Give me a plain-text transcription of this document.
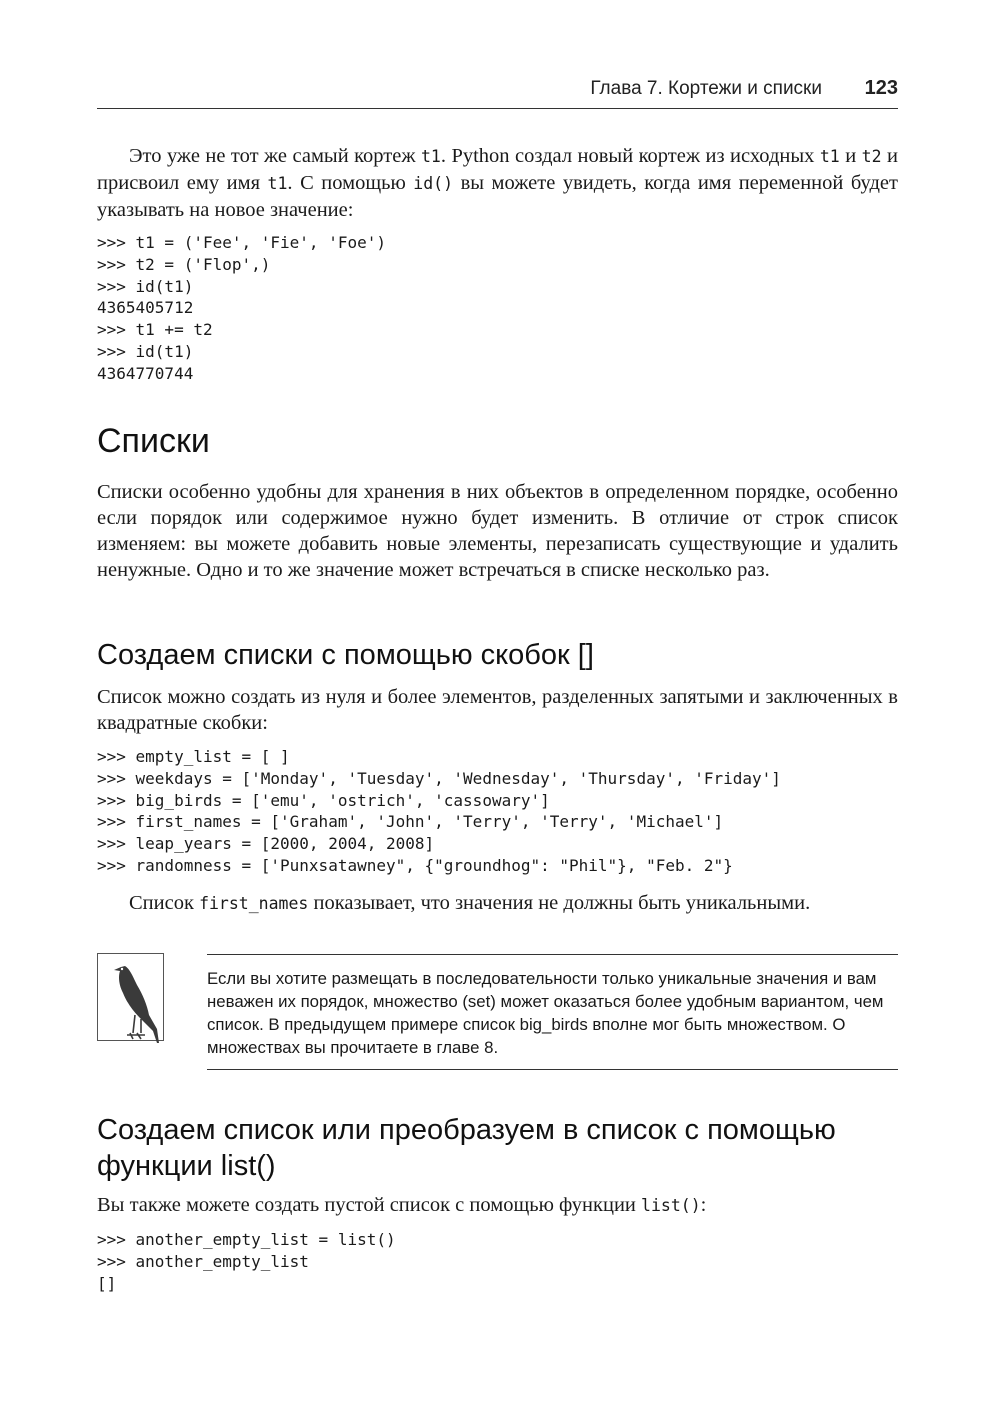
Глава 7. Кортежи и списки 123

Это уже не тот же самый кортеж t1. Python создал новый кортеж из исходных t1 и t2 и присвоил ему имя t1. С помощью id() вы можете увидеть, когда имя переменной будет указывать на новое значение:

>>> t1 = ('Fee', 'Fie', 'Foe')
>>> t2 = ('Flop',)
>>> id(t1)
4365405712
>>> t1 += t2
>>> id(t1)
4364770744
Списки

Списки особенно удобны для хранения в них объектов в определенном порядке, особенно если порядок или содержимое нужно будет изменить. В отличие от строк список изменяем: вы можете добавить новые элементы, перезаписать существующие и удалить ненужные. Одно и то же значение может встречаться в списке несколько раз.

Создаем списки с помощью скобок []

Список можно создать из нуля и более элементов, разделенных запятыми и заключенных в квадратные скобки:

>>> empty_list = [ ]
>>> weekdays = ['Monday', 'Tuesday', 'Wednesday', 'Thursday', 'Friday']
>>> big_birds = ['emu', 'ostrich', 'cassowary']
>>> first_names = ['Graham', 'John', 'Terry', 'Terry', 'Michael']
>>> leap_years = [2000, 2004, 2008]
>>> randomness = ['Punxsatawney", {"groundhog": "Phil"}, "Feb. 2"}

Список first_names показывает, что значения не должны быть уникальными.

Если вы хотите размещать в последовательности только уникальные значения и вам неважен их порядок, множество (set) может оказаться более удобным вариантом, чем список. В предыдущем примере список big_birds вполне мог быть множеством. О множествах вы прочитаете в главе 8.

Создаем список или преобразуем в список с помощью функции list()

Вы также можете создать пустой список с помощью функции list():

>>> another_empty_list = list()
>>> another_empty_list
[]
